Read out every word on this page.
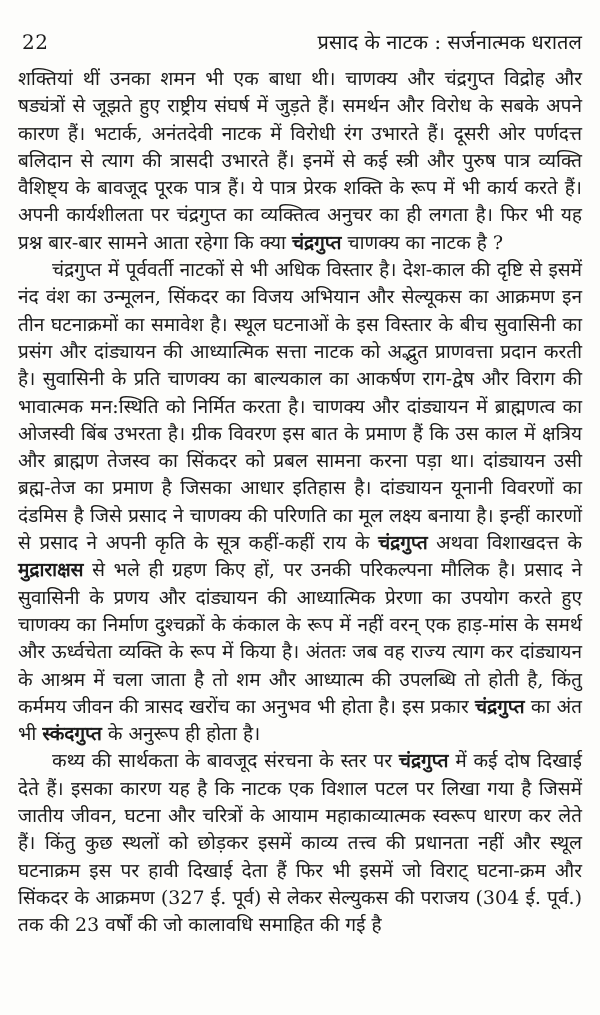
22	प्रसाद के नाटक : सर्जनात्मक धरातल

शक्तियां थीं उनका शमन भी एक बाधा थी। चाणक्य और चंद्रगुप्त विद्रोह और षड्यंत्रों से जूझते हुए राष्ट्रीय संघर्ष में जुड़ते हैं। समर्थन और विरोध के सबके अपने कारण हैं। भटार्क, अनंतदेवी नाटक में विरोधी रंग उभारते हैं। दूसरी ओर पर्णदत्त बलिदान से त्याग की त्रासदी उभारते हैं। इनमें से कई स्त्री और पुरुष पात्र व्यक्ति वैशिष्ट्य के बावजूद पूरक पात्र हैं। ये पात्र प्रेरक शक्ति के रूप में भी कार्य करते हैं। अपनी कार्यशीलता पर चंद्रगुप्त का व्यक्तित्व अनुचर का ही लगता है। फिर भी यह प्रश्न बार-बार सामने आता रहेगा कि क्या चंद्रगुप्त चाणक्य का नाटक है ?

चंद्रगुप्त में पूर्ववर्ती नाटकों से भी अधिक विस्तार है। देश-काल की दृष्टि से इसमें नंद वंश का उन्मूलन, सिंकदर का विजय अभियान और सेल्यूकस का आक्रमण इन तीन घटनाक्रमों का समावेश है। स्थूल घटनाओं के इस विस्तार के बीच सुवासिनी का प्रसंग और दांड्यायन की आध्यात्मिक सत्ता नाटक को अद्भुत प्राणवत्ता प्रदान करती है। सुवासिनी के प्रति चाणक्य का बाल्यकाल का आकर्षण राग-द्वेष और विराग की भावात्मक मन:स्थिति को निर्मित करता है। चाणक्य और दांड्यायन में ब्राह्मणत्व का ओजस्वी बिंब उभरता है। ग्रीक विवरण इस बात के प्रमाण हैं कि उस काल में क्षत्रिय और ब्राह्मण तेजस्व का सिंकदर को प्रबल सामना करना पड़ा था। दांड्यायन उसी ब्रह्म-तेज का प्रमाण है जिसका आधार इतिहास है। दांड्यायन यूनानी विवरणों का दंडमिस है जिसे प्रसाद ने चाणक्य की परिणति का मूल लक्ष्य बनाया है। इन्हीं कारणों से प्रसाद ने अपनी कृति के सूत्र कहीं-कहीं राय के चंद्रगुप्त अथवा विशाखदत्त के मुद्राराक्षस से भले ही ग्रहण किए हों, पर उनकी परिकल्पना मौलिक है। प्रसाद ने सुवासिनी के प्रणय और दांड्यायन की आध्यात्मिक प्रेरणा का उपयोग करते हुए चाणक्य का निर्माण दुश्चक्रों के कंकाल के रूप में नहीं वरन् एक हाड़-मांस के समर्थ और ऊर्ध्वचेता व्यक्ति के रूप में किया है। अंततः जब वह राज्य त्याग कर दांड्यायन के आश्रम में चला जाता है तो शम और आध्यात्म की उपलब्धि तो होती है, किंतु कर्ममय जीवन की त्रासद खरोंच का अनुभव भी होता है। इस प्रकार चंद्रगुप्त का अंत भी स्कंदगुप्त के अनुरूप ही होता है।

कथ्य की सार्थकता के बावजूद संरचना के स्तर पर चंद्रगुप्त में कई दोष दिखाई देते हैं। इसका कारण यह है कि नाटक एक विशाल पटल पर लिखा गया है जिसमें जातीय जीवन, घटना और चरित्रों के आयाम महाकाव्यात्मक स्वरूप धारण कर लेते हैं। किंतु कुछ स्थलों को छोड़कर इसमें काव्य तत्त्व की प्रधानता नहीं और स्थूल घटनाक्रम इस पर हावी दिखाई देता हैं फिर भी इसमें जो विराट् घटना-क्रम और सिंकदर के आक्रमण (327 ई. पूर्व) से लेकर सेल्युकस की पराजय (304 ई. पूर्व.) तक की 23 वर्षों की जो कालावधि समाहित की गई है
